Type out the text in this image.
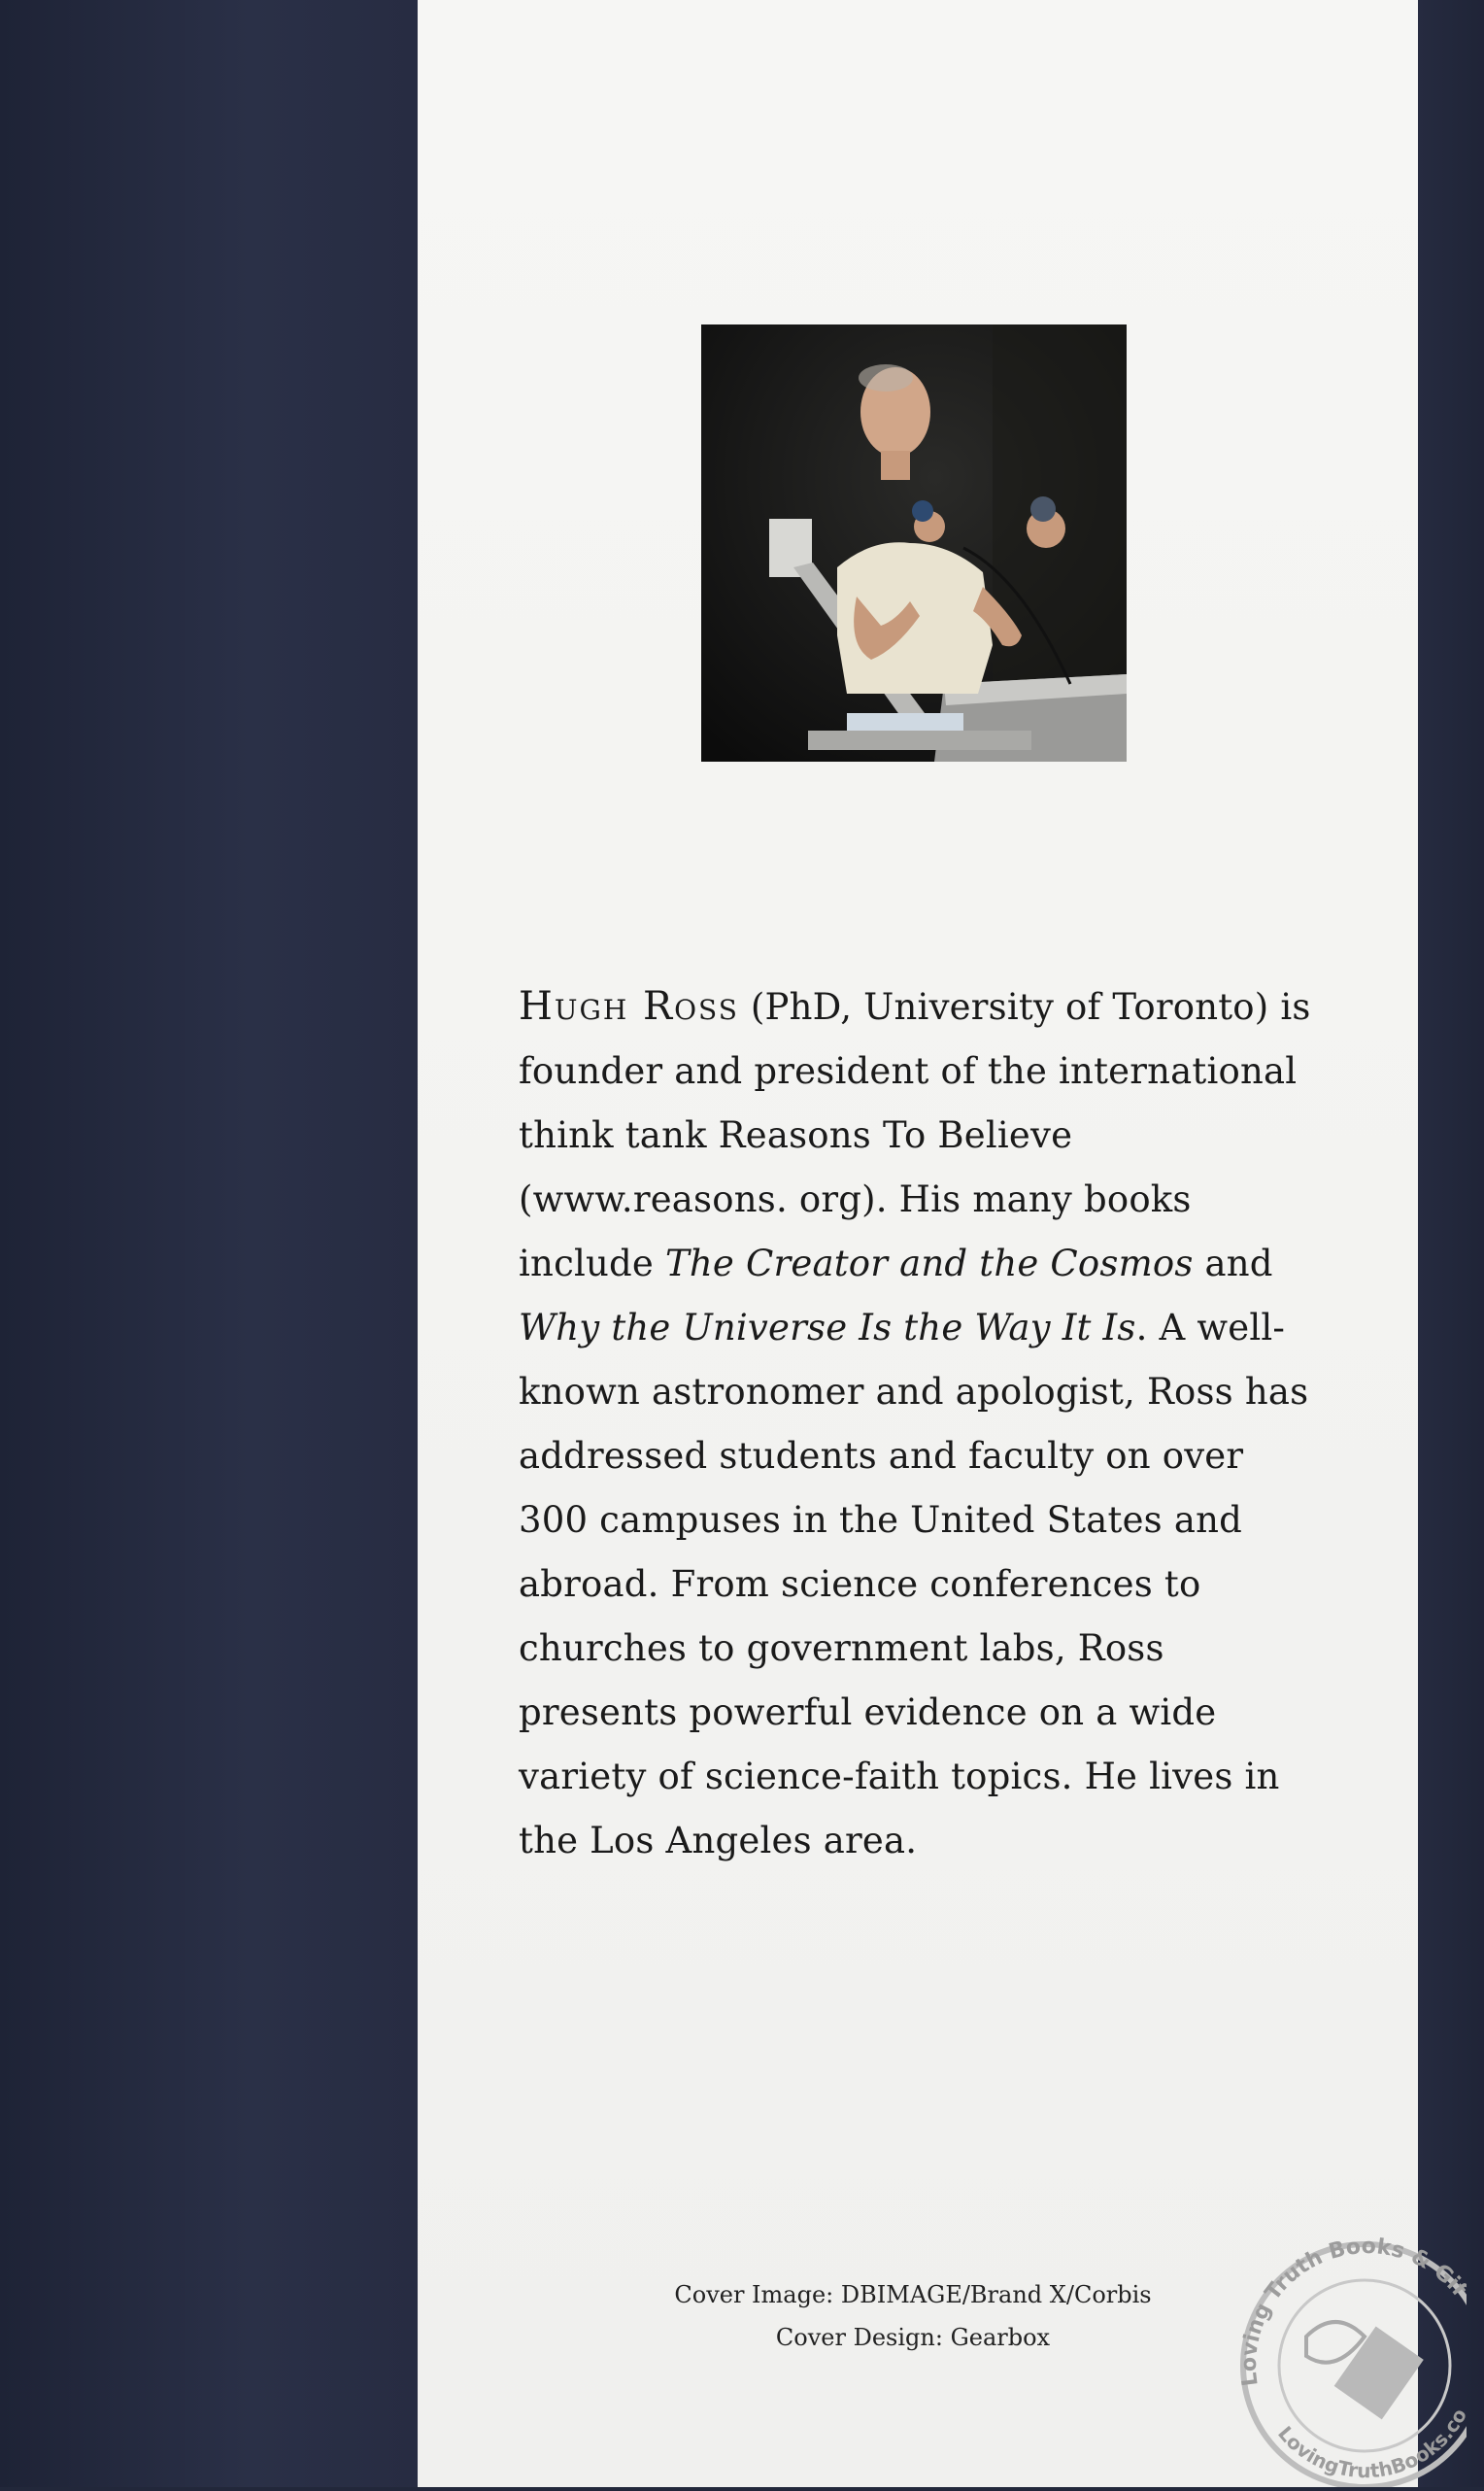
Hugh Ross (PhD, University of Toronto) is founder and president of the international think tank Reasons To Believe (www.reasons. org). His many books include The Creator and the Cosmos and Why the Universe Is the Way It Is. A well-known astronomer and apologist, Ross has addressed students and faculty on over 300 campuses in the United States and abroad. From science conferences to churches to government labs, Ross presents powerful evidence on a wide variety of science-faith topics. He lives in the Los Angeles area.

Cover Image: DBIMAGE/Brand X/Corbis
Cover Design: Gearbox
Loving Truth Books & Gi
LovingTruthBooks.c
